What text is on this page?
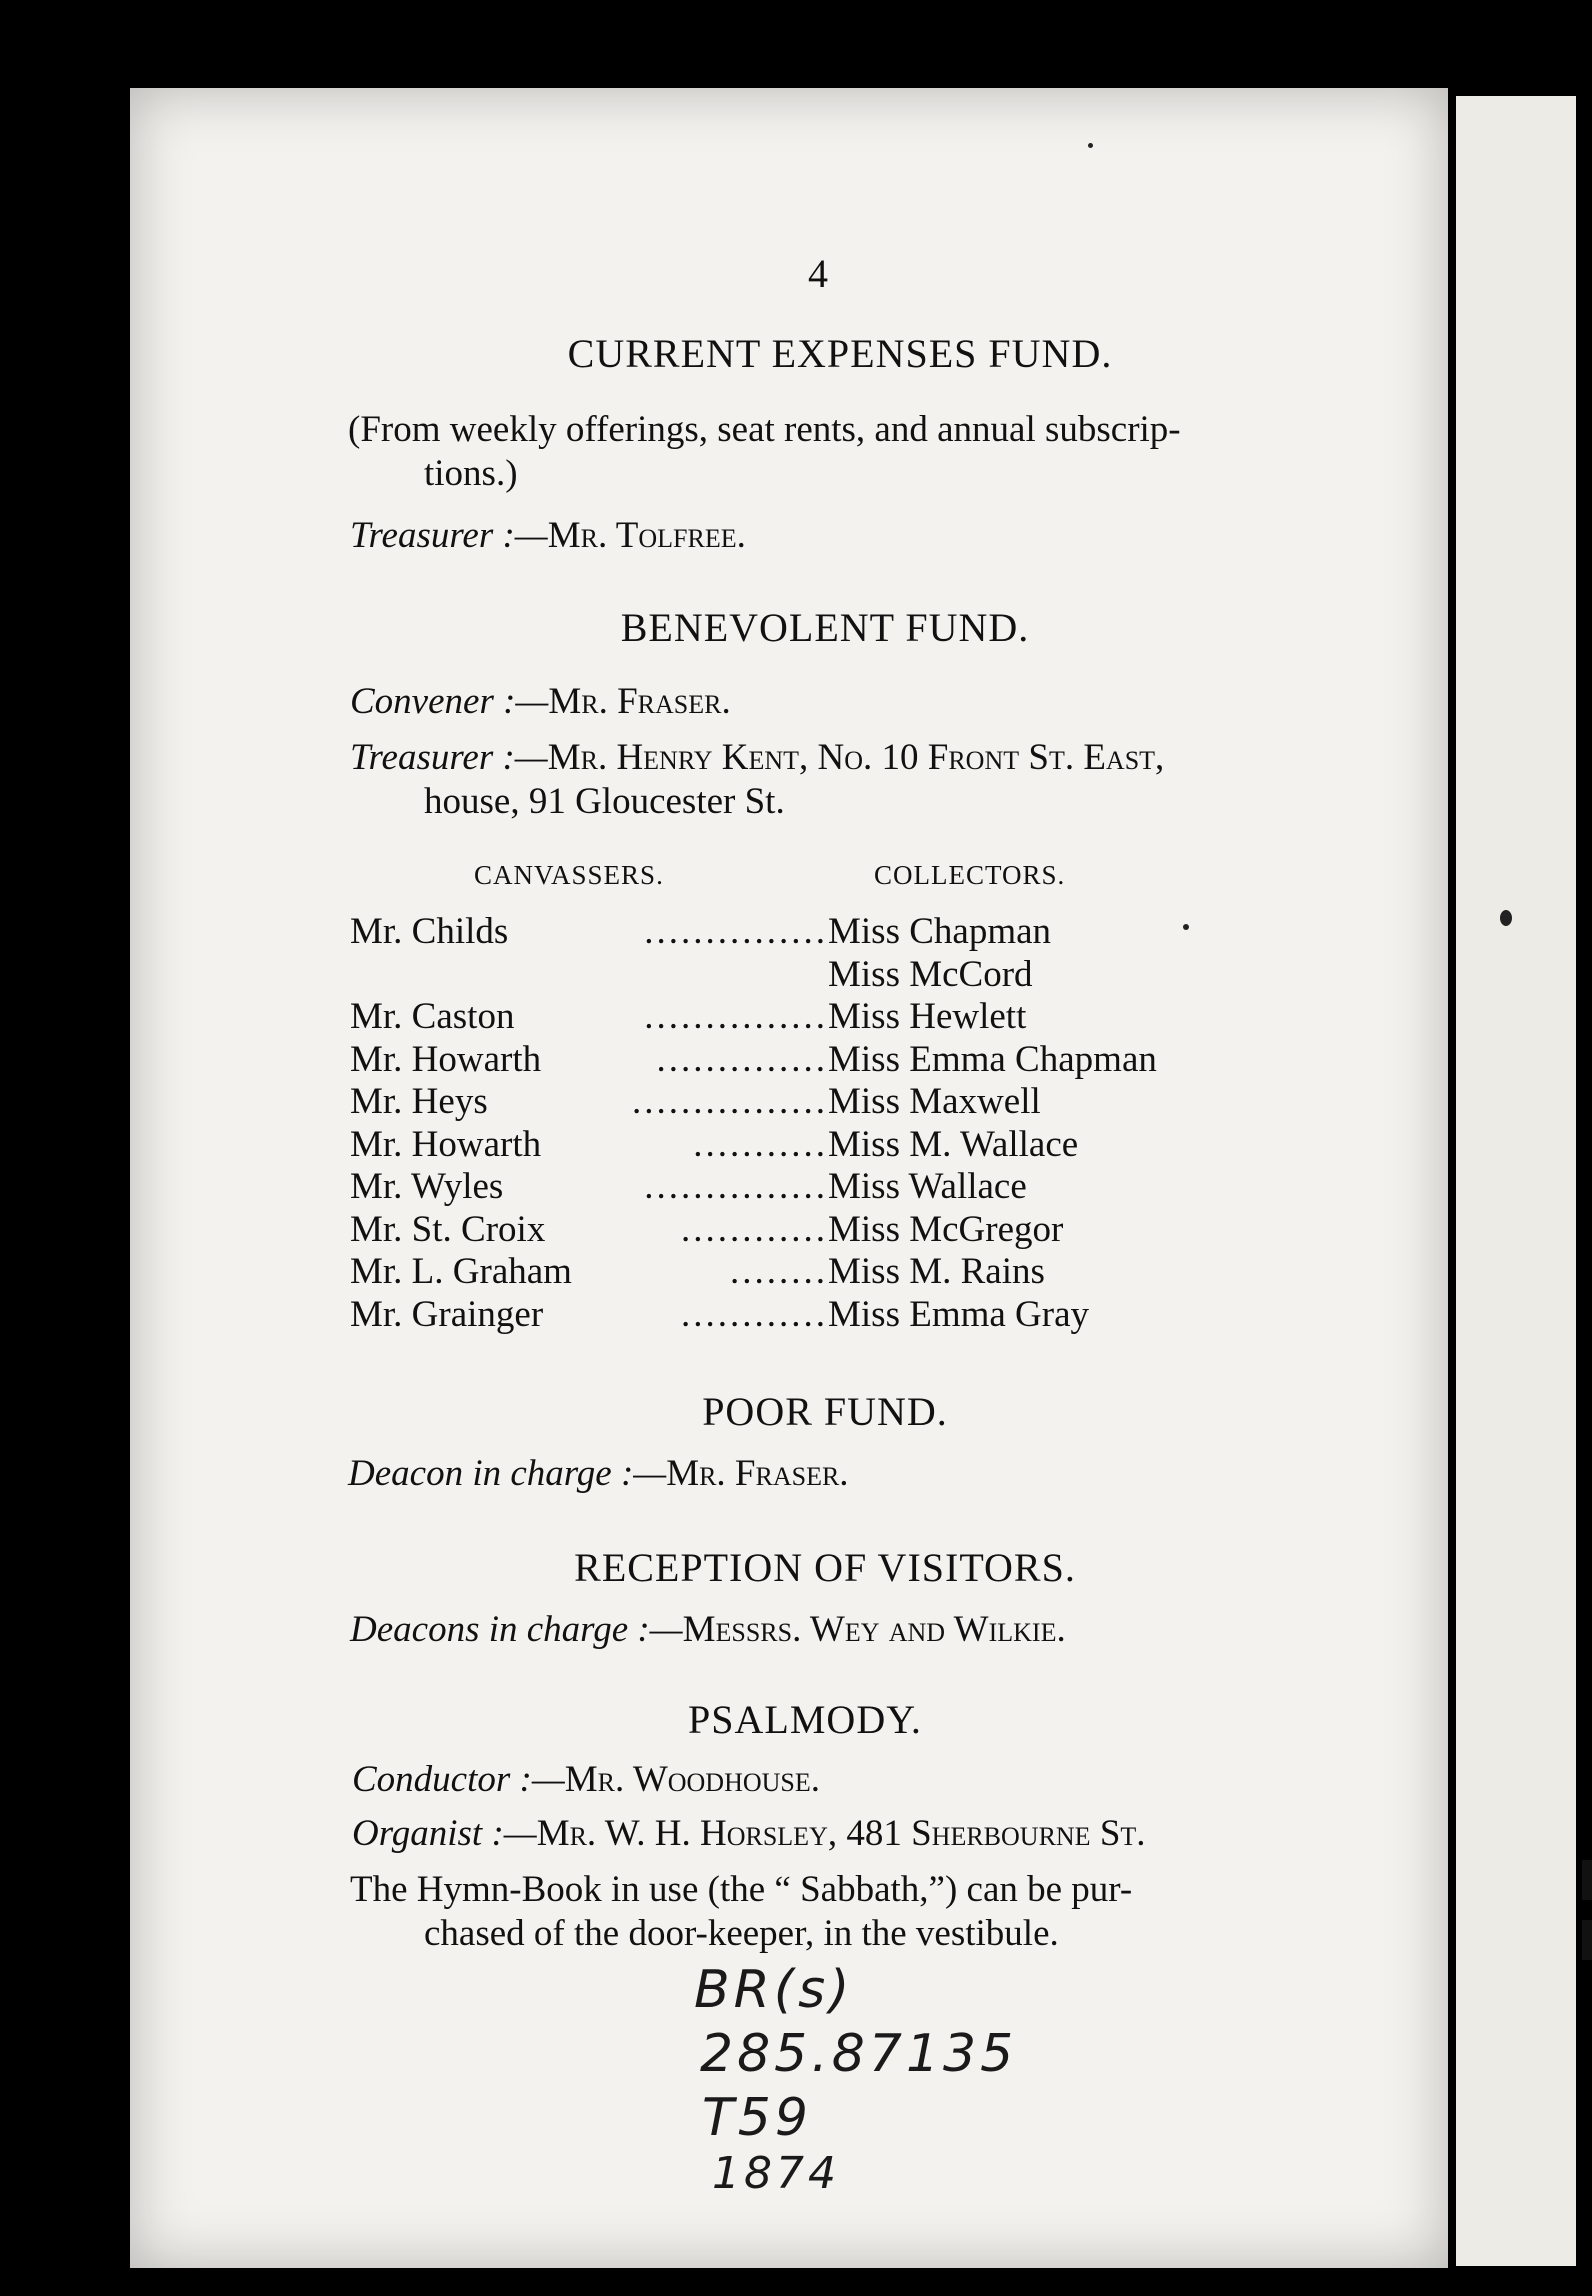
4
CURRENT EXPENSES FUND.
(From weekly offerings, seat rents, and annual subscrip-
tions.)
Treasurer :—Mr. Tolfree.
BENEVOLENT FUND.
Convener :—Mr. Fraser.
Treasurer :—Mr. Henry Kent, No. 10 Front St. East,
house, 91 Gloucester St.
CANVASSERS.	COLLECTORS.
Mr. Childs	............... Miss Chapman
Miss McCord
Mr. Caston	............... Miss Hewlett
Mr. Howarth	.............. Miss Emma Chapman
Mr. Heys	................ Miss Maxwell
Mr. Howarth	........... Miss M. Wallace
Mr. Wyles	............... Miss Wallace
Mr. St. Croix	............ Miss McGregor
Mr. L. Graham	........ Miss M. Rains
Mr. Grainger	............ Miss Emma Gray
POOR FUND.
Deacon in charge :—Mr. Fraser.
RECEPTION OF VISITORS.
Deacons in charge :—Messrs. Wey and Wilkie.
PSALMODY.
Conductor :—Mr. Woodhouse.
Organist :—Mr. W. H. Horsley, 481 Sherbourne St.
The Hymn-Book in use (the “ Sabbath,”) can be pur-
chased of the door-keeper, in the vestibule.
BR(s)
285.87135
T59
1874
